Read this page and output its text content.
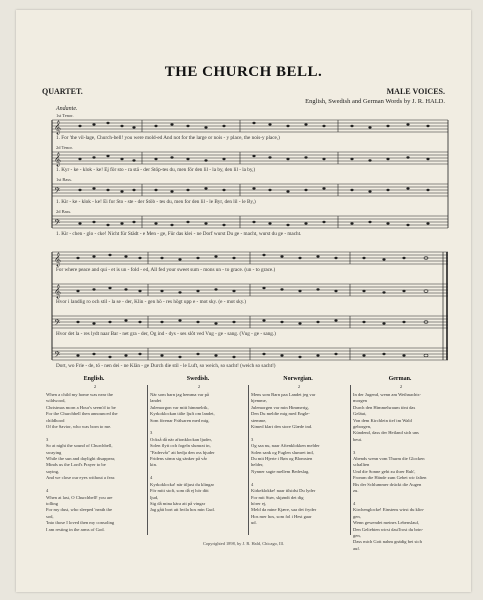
THE CHURCH BELL.
QUARTET.	MALE VOICES.
English, Swedish and German Words by J. R. HALD.
Andante.
𝄞
𝄞
𝄢
𝄢
1st Tenor.
2d Tenor.
1st Bass.
2d Bass.
1. For 'the vil-lage, Church-bell! you were mold-ed And not for the large or nois - y place, the nois-y place,)
1. Kyr - ke - klok - ke! Ej för sto - ra stä - der Stöp-tes du, men för den lil - la by, den lil - la by,)
1. Kir - ke - klok - ke! Ei for Sto - ste - der Stöb - tes du, men for den lil - le Byr, den lil - le By,)
1. Kir - chen - glo - cke! Nicht für Städt - e Men - ge, Für das klei - ne Dorf wurst Du ge - macht, wurst du ge - macht.
𝄞
𝄞
𝄢
𝄢
For where peace and qui - et is un - fold - ed, All fed your sweet sum - mons un - to grace. (un - to grace.)
Hvor i landlig ro och stil - la se - der, Klin - gen hö - res högt upp e - mot sky. (e - mot sky.)
Hvor det la - res lydt naar Bar - net gra - der, Og ind - dys - ses slôt ved Vug - ge - sang. (Vug - ge - sang.)
Dort, wo Frie - de, tö - nen dei - ne Klän - ge Durch die stil - le Luft, so weich, so sacht! (weich so sacht!)
English.	Swedish.	Norwegian.	German.
2	2	2	2
When a child my home was near the
wildwood,
Christmas morn a Hour's seem'd to be
For the Churchbell then announced the
childhood
Of the Savior, who was born to me.

3
So at night the sound of Churchbell,
swaying
While the sun and daylight disappear,
Minds us the Lord's Prayer to be
saying,
And we close our eyes without a fear.

4
When at last, O Churchbell! you are
tolling
For my dust, who sleeped 'neath the
sod,
'Into those I loved then my consoling
I am resting in the arms of God.
När som barn jag hemma var på
landet
Julemorgon var mitt himmelrik,
Kyrkoklockan tälte ljuft om landet,
Som förenar Frälsaren med mig.

3
Också då när aftonklockan ljuder,
Solen flytt och fogeln slumrat in,
"Fadervår" att bedja den oss bjuder
Fridens sömn sig sänker på vår
kin.

4
Kyrkoklocka! när tiljust du klingar
För mitt stoft, som då ej hör ditt
ljud,
Sig då mina kära att på vingar
Jag gått bort att hvila hos min Gud.
Mens som Barn paa Landet jeg var
hjemme,
Julemorgen var min Himmerig,
Den Du meldte mig med Engle-
stemme,
Kimed klart den store Glæde ind.

3
Og saa nu, naar Aftenklokken melder
Solen sank og Fuglen slumret ind,
Du mit Hjerte i Bøn og Blomsten
helder,
Nynner sagte mellem Bedeslag.

4
Kirkeklokke! naar tilsidst Du lyder
For mit Støv, skjøndt det dig
hörer ej,
Meld da mine Kjære, saa det fryder
Hos mer hos, som fol i Hest gaar
ud.
In der Jugend, wenn am Weihnachts-
morgen
Durch den Himmelsraum tönt das
Geläut,
Von dem Kirchlein tief im Wald
geborgen,
Kündend, dass der Heiland sich uns
beut.

3
Abends wenn vom Thurm die Glocken
schallten
Und die Sonne geht zu ihrer Ruh',
Fromm die Hände zum Gebet wir falten
Bis der Schlummer drückt die Augen
zu.

4
Kirchenglocke! Einstens wirst du klin-
gen,
Wenn gewendet meines Lebenslauf,
Den Geliebten wirst dauTrost du brin-
gen,
Dass mich Gott nahm gnädig bei sich
auf.
Copyrighted 1898, by J. R. Hald, Chicago, Ill.
